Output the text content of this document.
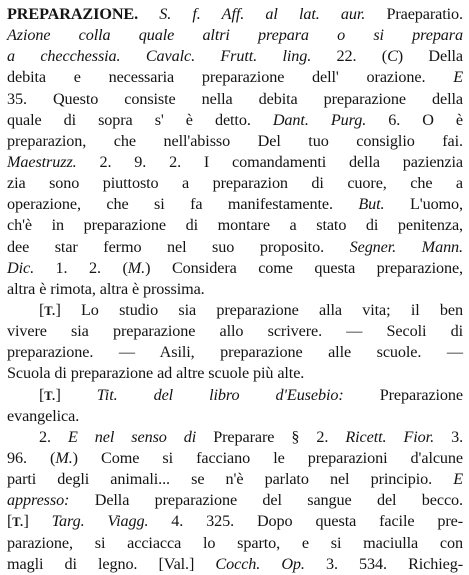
PREPARAZIONE. S. f. Aff. al lat. aur. Praeparatio.
Azione colla quale altri prepara o si prepara
a checchessia. Cavalc. Frutt. ling. 22. (C) Della
debita e necessaria preparazione dell' orazione. E
35. Questo consiste nella debita preparazione della
quale di sopra s' è detto. Dant. Purg. 6. O è
preparazion, che nell'abisso Del tuo consiglio fai.
Maestruzz. 2. 9. 2. I comandamenti della pazienzia
zia sono piuttosto a preparazion di cuore, che a
operazione, che si fa manifestamente. But. L'uomo,
ch'è in preparazione di montare a stato di penitenza,
dee star fermo nel suo proposito. Segner. Mann.
Dic. 1. 2. (M.) Considera come questa preparazione,
altra è rimota, altra è prossima.
[T.] Lo studio sia preparazione alla vita; il ben
vivere sia preparazione allo scrivere. — Secoli di
preparazione. — Asili, preparazione alle scuole. —
Scuola di preparazione ad altre scuole più alte.
[T.] Tit. del libro d'Eusebio: Preparazione
evangelica.
2. E nel senso di Preparare § 2. Ricett. Fior. 3.
96. (M.) Come si facciano le preparazioni d'alcune
parti degli animali... se n'è parlato nel principio. E
appresso: Della preparazione del sangue del becco.
[T.] Targ. Viagg. 4. 325. Dopo questa facile pre-
parazione, si acciacca lo sparto, e si maciulla con
magli di legno. [Val.] Cocch. Op. 3. 534. Richieg-
